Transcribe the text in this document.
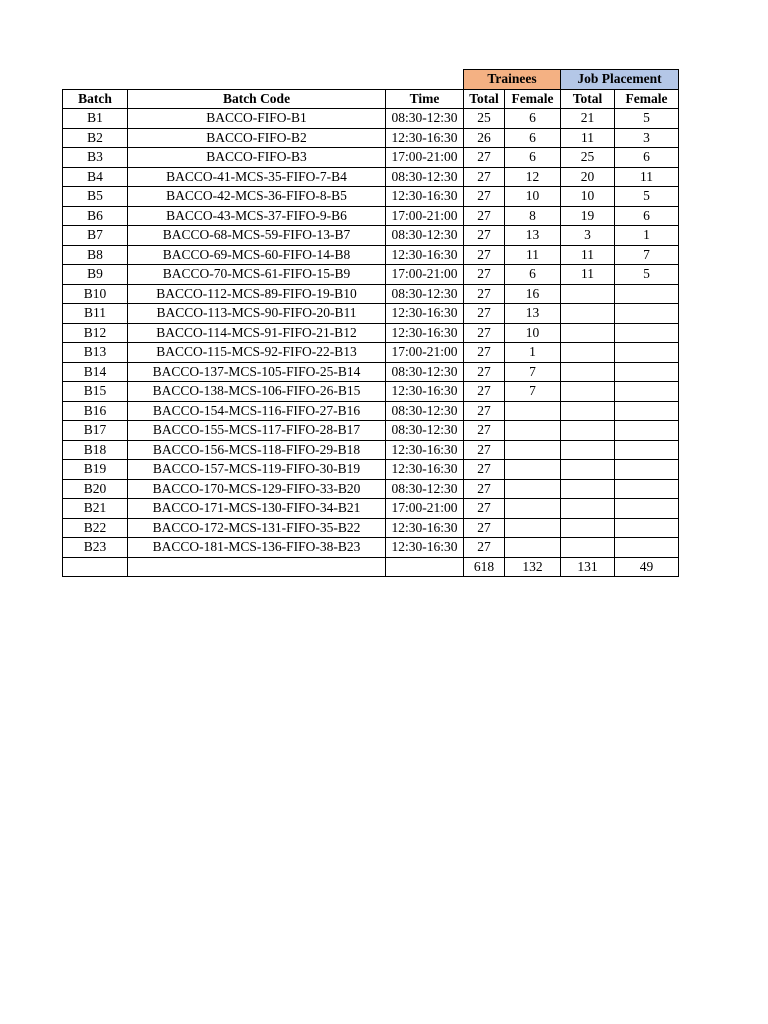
			Trainees		Job Placement	
Batch	Batch Code	Time	Total	Female	Total	Female
B1	BACCO-FIFO-B1	08:30-12:30	25	6	21	5
B2	BACCO-FIFO-B2	12:30-16:30	26	6	11	3
B3	BACCO-FIFO-B3	17:00-21:00	27	6	25	6
B4	BACCO-41-MCS-35-FIFO-7-B4	08:30-12:30	27	12	20	11
B5	BACCO-42-MCS-36-FIFO-8-B5	12:30-16:30	27	10	10	5
B6	BACCO-43-MCS-37-FIFO-9-B6	17:00-21:00	27	8	19	6
B7	BACCO-68-MCS-59-FIFO-13-B7	08:30-12:30	27	13	3	1
B8	BACCO-69-MCS-60-FIFO-14-B8	12:30-16:30	27	11	11	7
B9	BACCO-70-MCS-61-FIFO-15-B9	17:00-21:00	27	6	11	5
B10	BACCO-112-MCS-89-FIFO-19-B10	08:30-12:30	27	16		
B11	BACCO-113-MCS-90-FIFO-20-B11	12:30-16:30	27	13		
B12	BACCO-114-MCS-91-FIFO-21-B12	12:30-16:30	27	10		
B13	BACCO-115-MCS-92-FIFO-22-B13	17:00-21:00	27	1		
B14	BACCO-137-MCS-105-FIFO-25-B14	08:30-12:30	27	7		
B15	BACCO-138-MCS-106-FIFO-26-B15	12:30-16:30	27	7		
B16	BACCO-154-MCS-116-FIFO-27-B16	08:30-12:30	27			
B17	BACCO-155-MCS-117-FIFO-28-B17	08:30-12:30	27			
B18	BACCO-156-MCS-118-FIFO-29-B18	12:30-16:30	27			
B19	BACCO-157-MCS-119-FIFO-30-B19	12:30-16:30	27			
B20	BACCO-170-MCS-129-FIFO-33-B20	08:30-12:30	27			
B21	BACCO-171-MCS-130-FIFO-34-B21	17:00-21:00	27			
B22	BACCO-172-MCS-131-FIFO-35-B22	12:30-16:30	27			
B23	BACCO-181-MCS-136-FIFO-38-B23	12:30-16:30	27			
			618	132	131	49
